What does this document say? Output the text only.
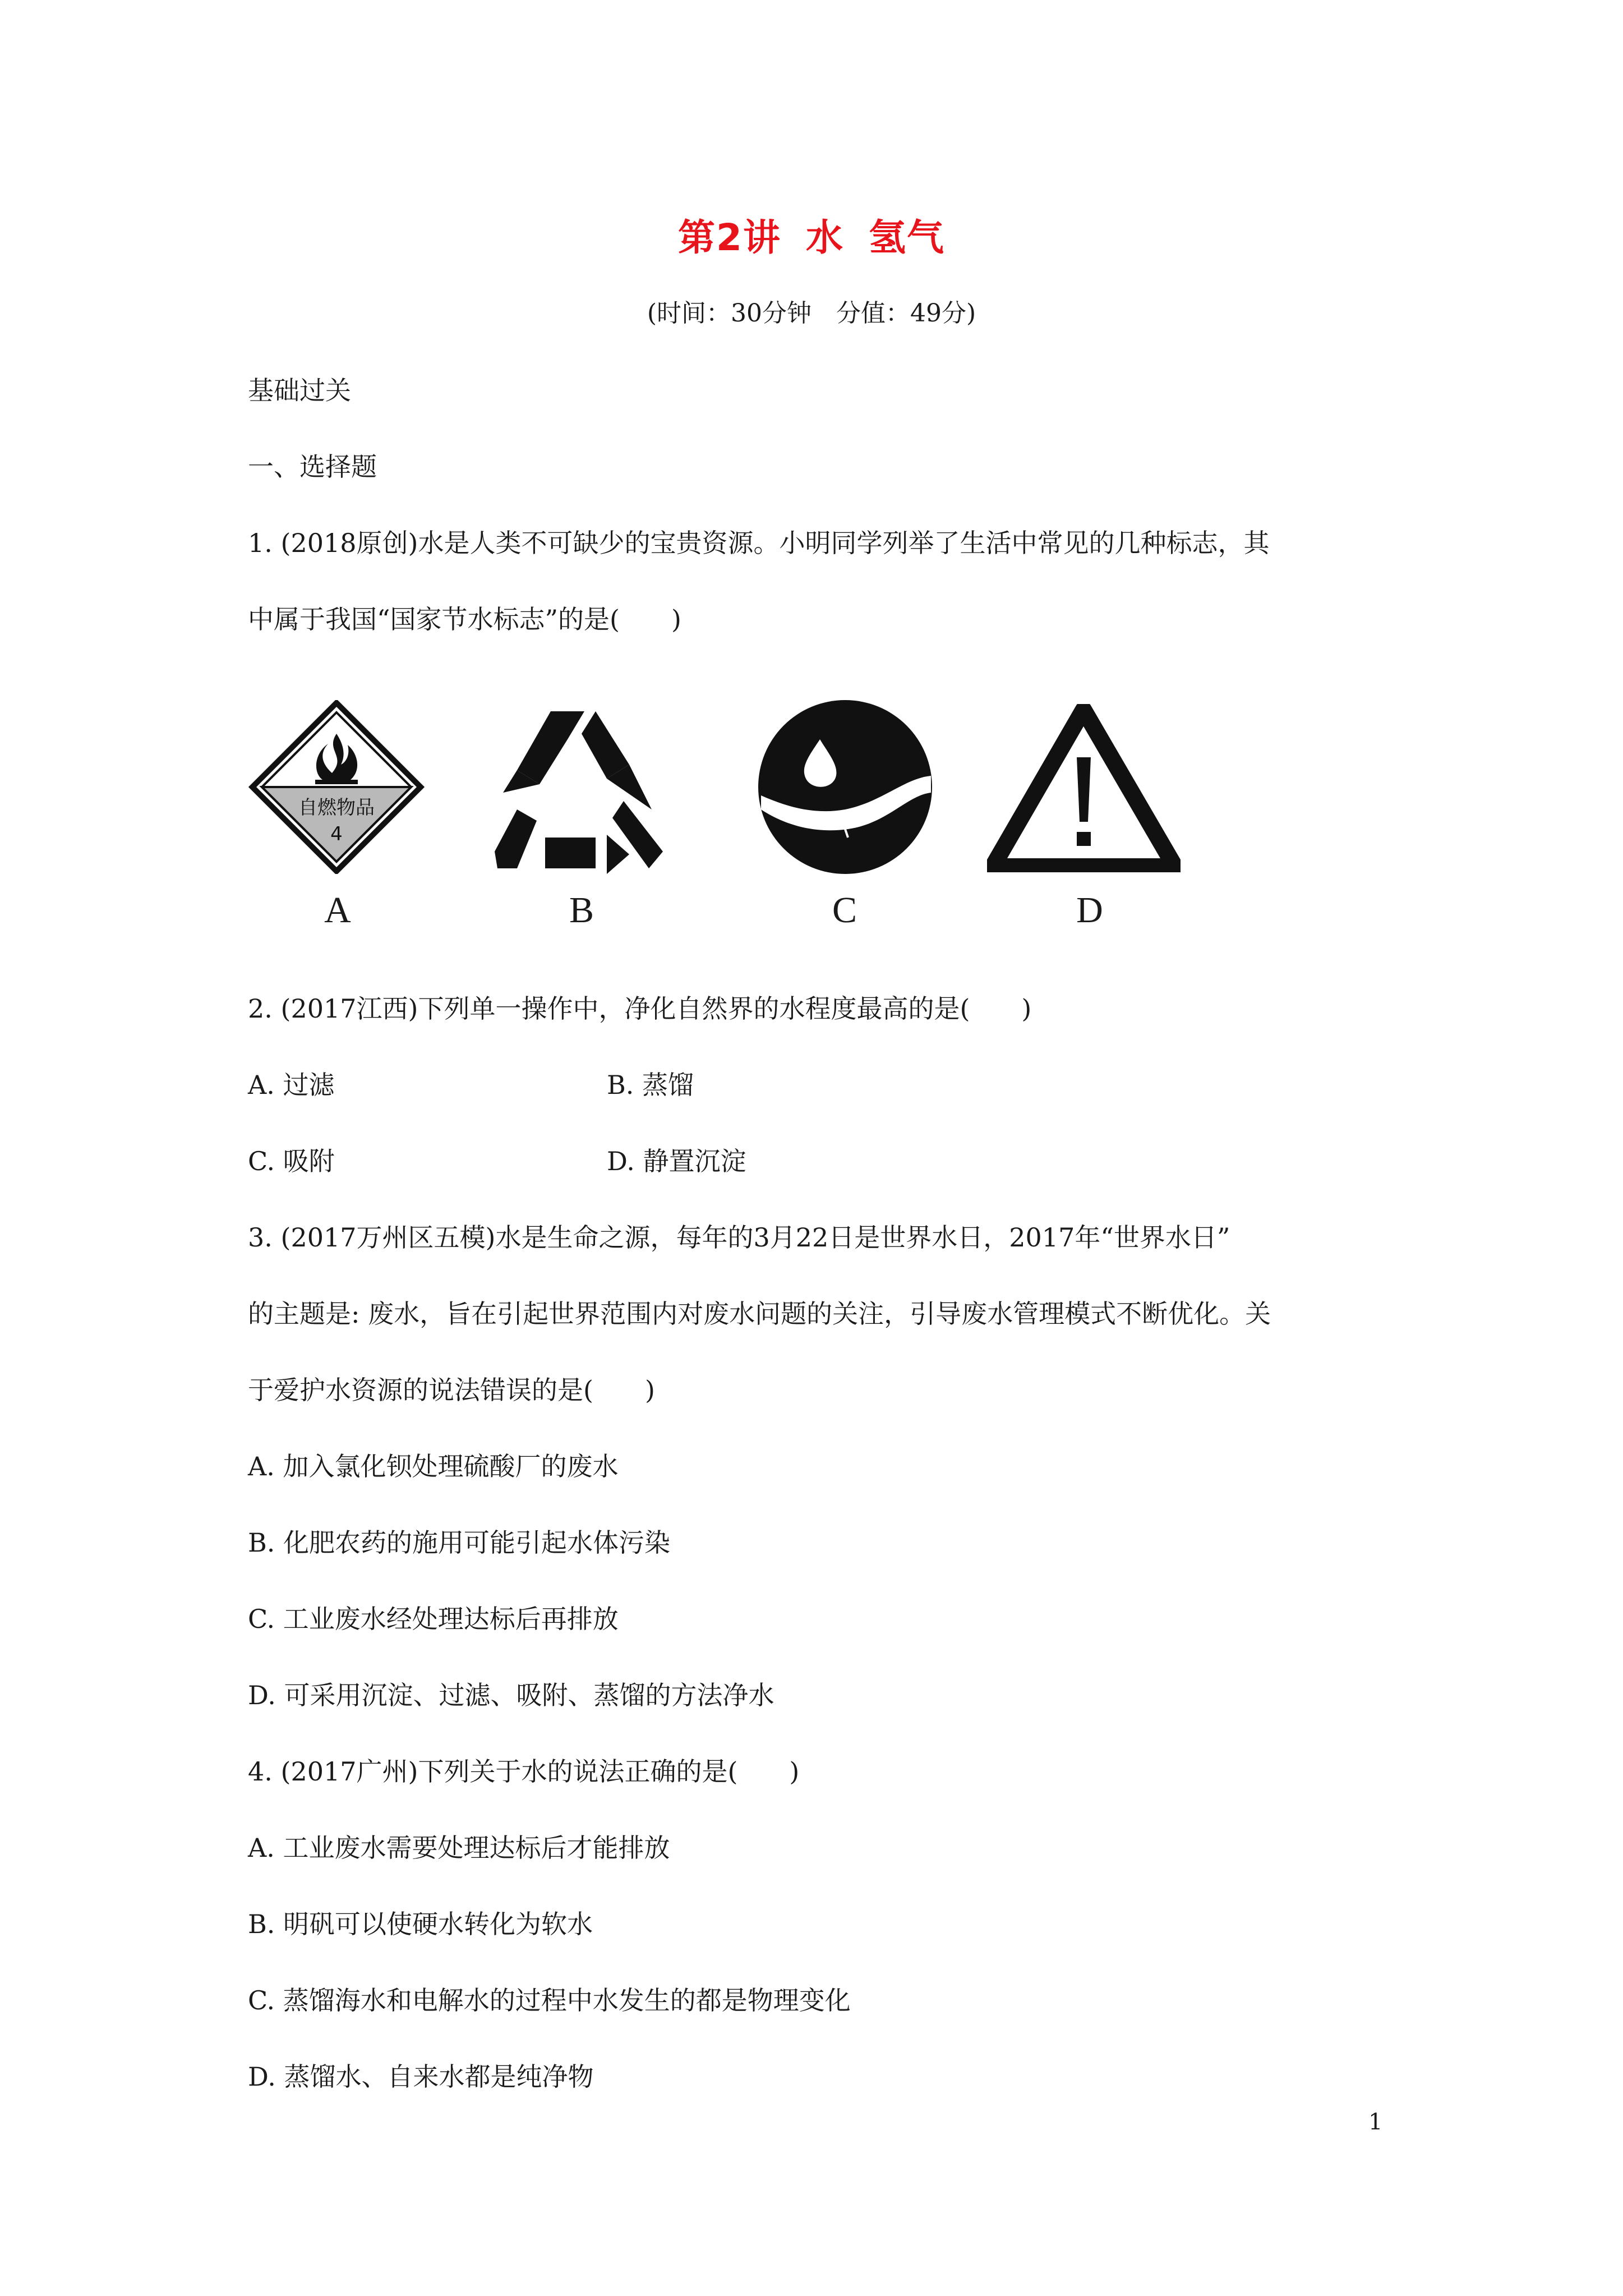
第2讲 水 氢气
(时间：30分钟　分值：49分)
基础过关
一、选择题
1. (2018原创)水是人类不可缺少的宝贵资源。小明同学列举了生活中常见的几种标志，其
中属于我国“国家节水标志”的是(　　)
自燃物品
4
A	B	C	D
2. (2017江西)下列单一操作中，净化自然界的水程度最高的是(　　)
A. 过滤	B. 蒸馏
C. 吸附	D. 静置沉淀
3. (2017万州区五模)水是生命之源，每年的3月22日是世界水日，2017年“世界水日”
的主题是: 废水，旨在引起世界范围内对废水问题的关注，引导废水管理模式不断优化。关
于爱护水资源的说法错误的是(　　)
A. 加入氯化钡处理硫酸厂的废水
B. 化肥农药的施用可能引起水体污染
C. 工业废水经处理达标后再排放
D. 可采用沉淀、过滤、吸附、蒸馏的方法净水
4. (2017广州)下列关于水的说法正确的是(　　)
A. 工业废水需要处理达标后才能排放
B. 明矾可以使硬水转化为软水
C. 蒸馏海水和电解水的过程中水发生的都是物理变化
D. 蒸馏水、自来水都是纯净物
1
